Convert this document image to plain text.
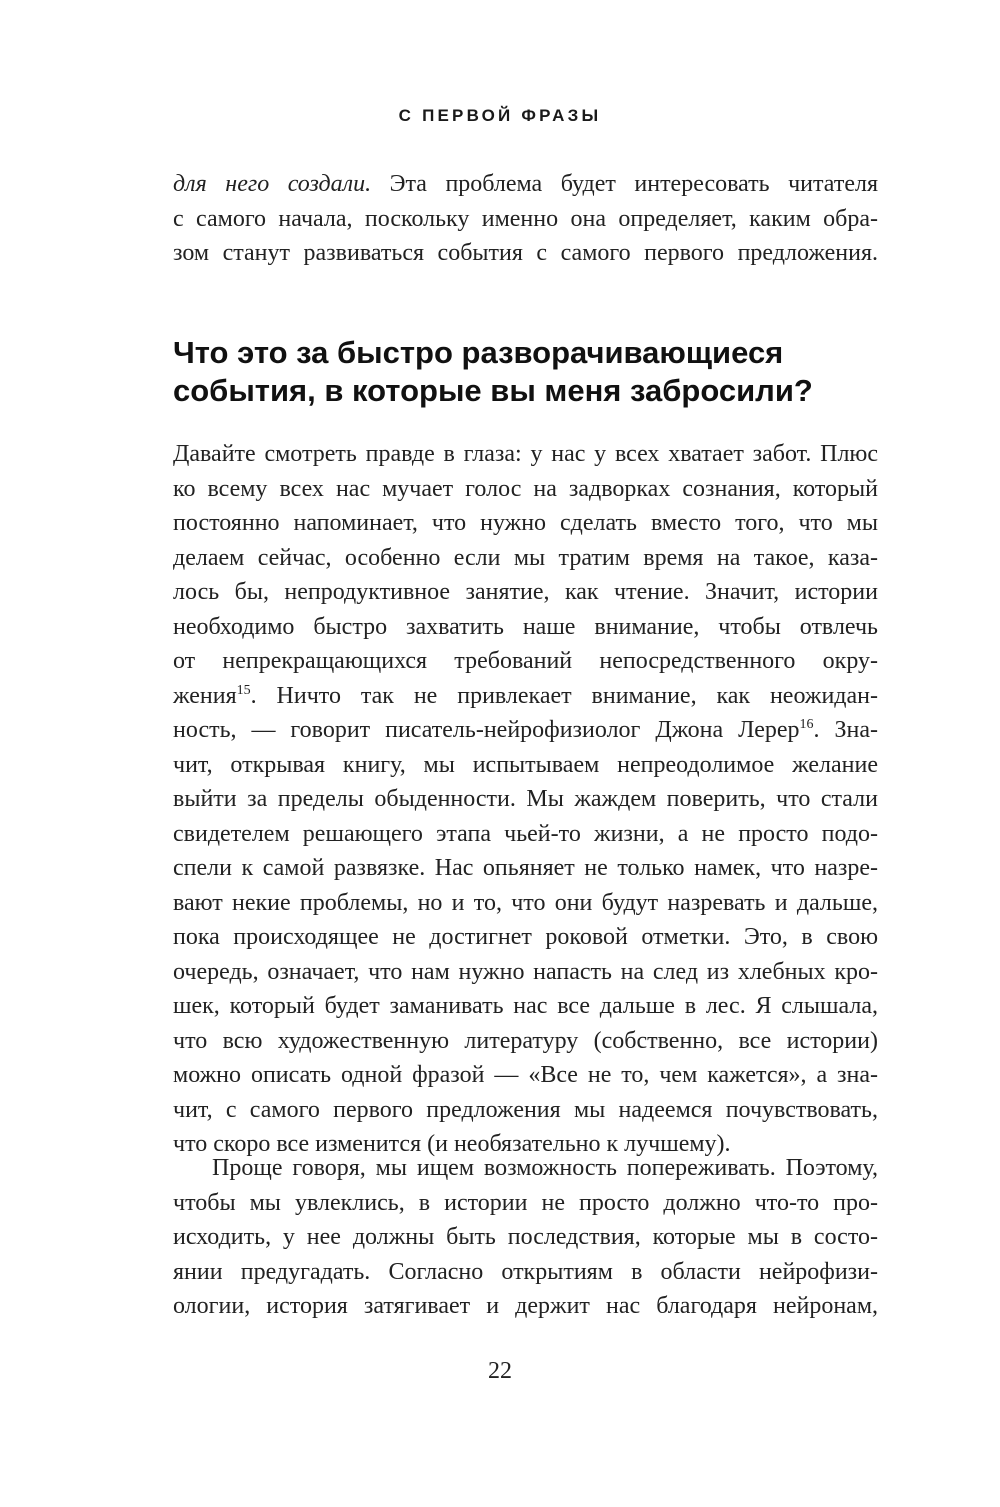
С ПЕРВОЙ ФРАЗЫ
для него создали. Эта проблема будет интересовать читателя
с самого начала, поскольку именно она определяет, каким обра-
зом станут развиваться события с самого первого предложения.
Что это за быстро разворачивающиеся
события, в которые вы меня забросили?
Давайте смотреть правде в глаза: у нас у всех хватает забот. Плюс
ко всему всех нас мучает голос на задворках сознания, который
постоянно напоминает, что нужно сделать вместо того, что мы
делаем сейчас, особенно если мы тратим время на такое, каза-
лось бы, непродуктивное занятие, как чтение. Значит, истории
необходимо быстро захватить наше внимание, чтобы отвлечь
от непрекращающихся требований непосредственного окру-
жения$^{15}$. Ничто так не привлекает внимание, как неожидан-
ность, — говорит писатель-нейрофизиолог Джона Лерер$^{16}$. Зна-
чит, открывая книгу, мы испытываем непреодолимое желание
выйти за пределы обыденности. Мы жаждем поверить, что стали
свидетелем решающего этапа чьей-то жизни, а не просто подо-
спели к самой развязке. Нас опьяняет не только намек, что назре-
вают некие проблемы, но и то, что они будут назревать и дальше,
пока происходящее не достигнет роковой отметки. Это, в свою
очередь, означает, что нам нужно напасть на след из хлебных кро-
шек, который будет заманивать нас все дальше в лес. Я слышала,
что всю художественную литературу (собственно, все истории)
можно описать одной фразой — «Все не то, чем кажется», а зна-
чит, с самого первого предложения мы надеемся почувствовать,
что скоро все изменится (и необязательно к лучшему).
Проще говоря, мы ищем возможность попереживать. Поэтому,
чтобы мы увлеклись, в истории не просто должно что-то про-
исходить, у нее должны быть последствия, которые мы в состо-
янии предугадать. Согласно открытиям в области нейрофизи-
ологии, история затягивает и держит нас благодаря нейронам,
22
